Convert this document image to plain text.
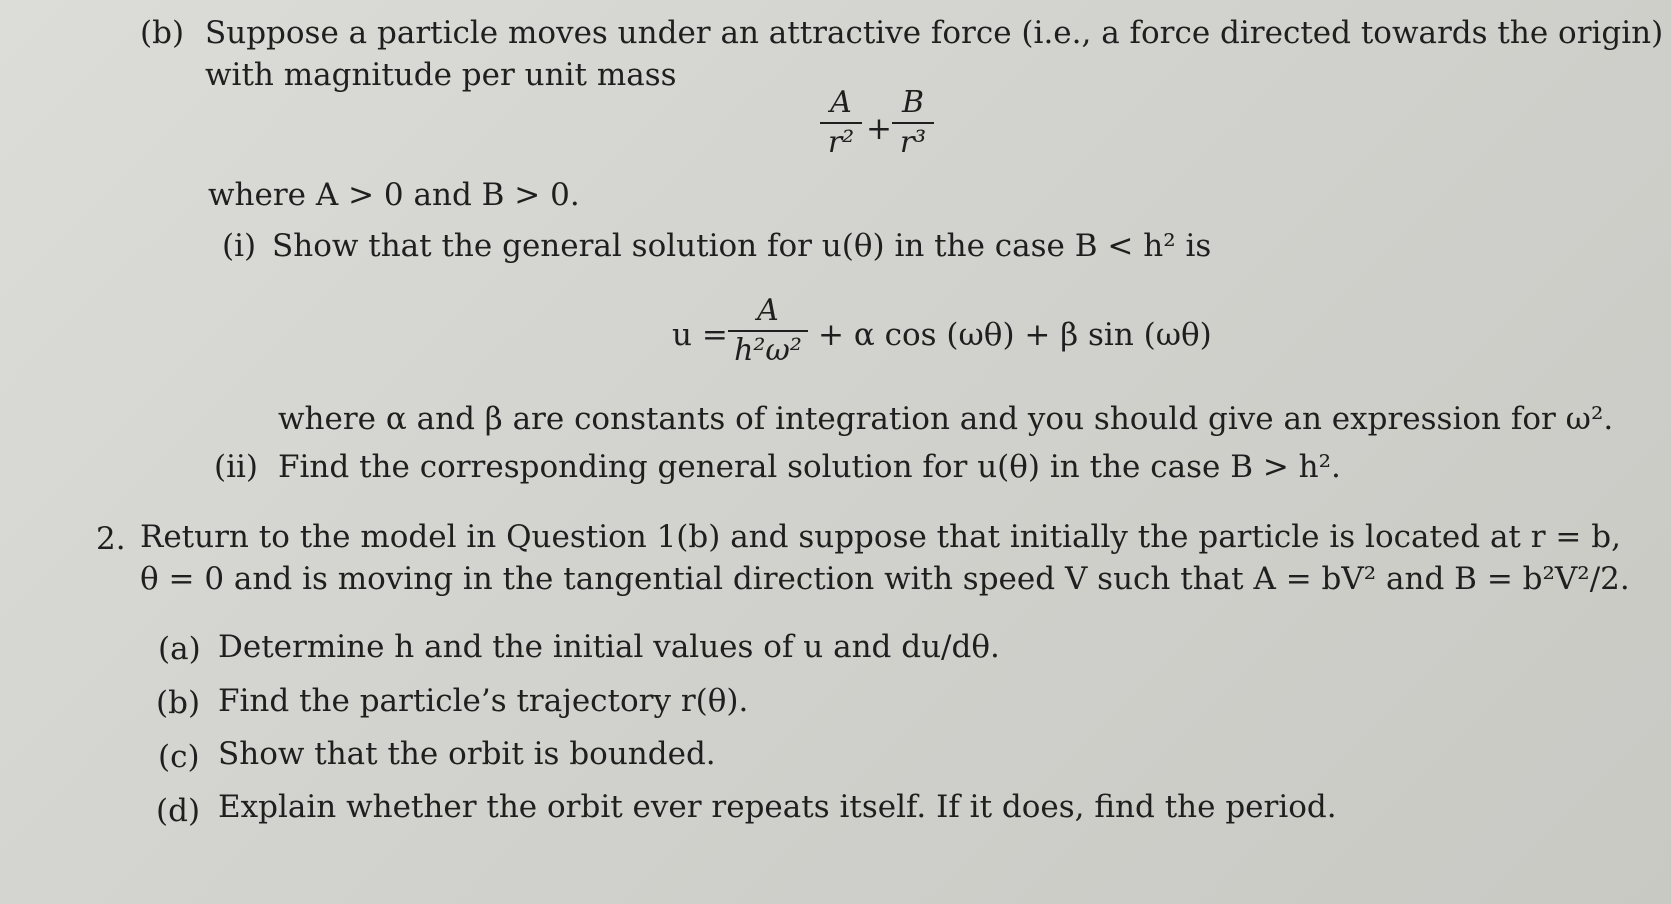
(b) Suppose a particle moves under an attractive force (i.e., a force directed towards the origin)
with magnitude per unit mass
A
r² +
B
r³
where A > 0 and B > 0.
(i) Show that the general solution for u(θ) in the case B < h² is
u =
A
h²ω² + α cos (ωθ) + β sin (ωθ)
where α and β are constants of integration and you should give an expression for ω².
(ii) Find the corresponding general solution for u(θ) in the case B > h².
2. Return to the model in Question 1(b) and suppose that initially the particle is located at r = b,
θ = 0 and is moving in the tangential direction with speed V such that A = bV² and B = b²V²/2.
(a) Determine h and the initial values of u and du/dθ.
(b) Find the particle’s trajectory r(θ).
(c) Show that the orbit is bounded.
(d) Explain whether the orbit ever repeats itself. If it does, find the period.
